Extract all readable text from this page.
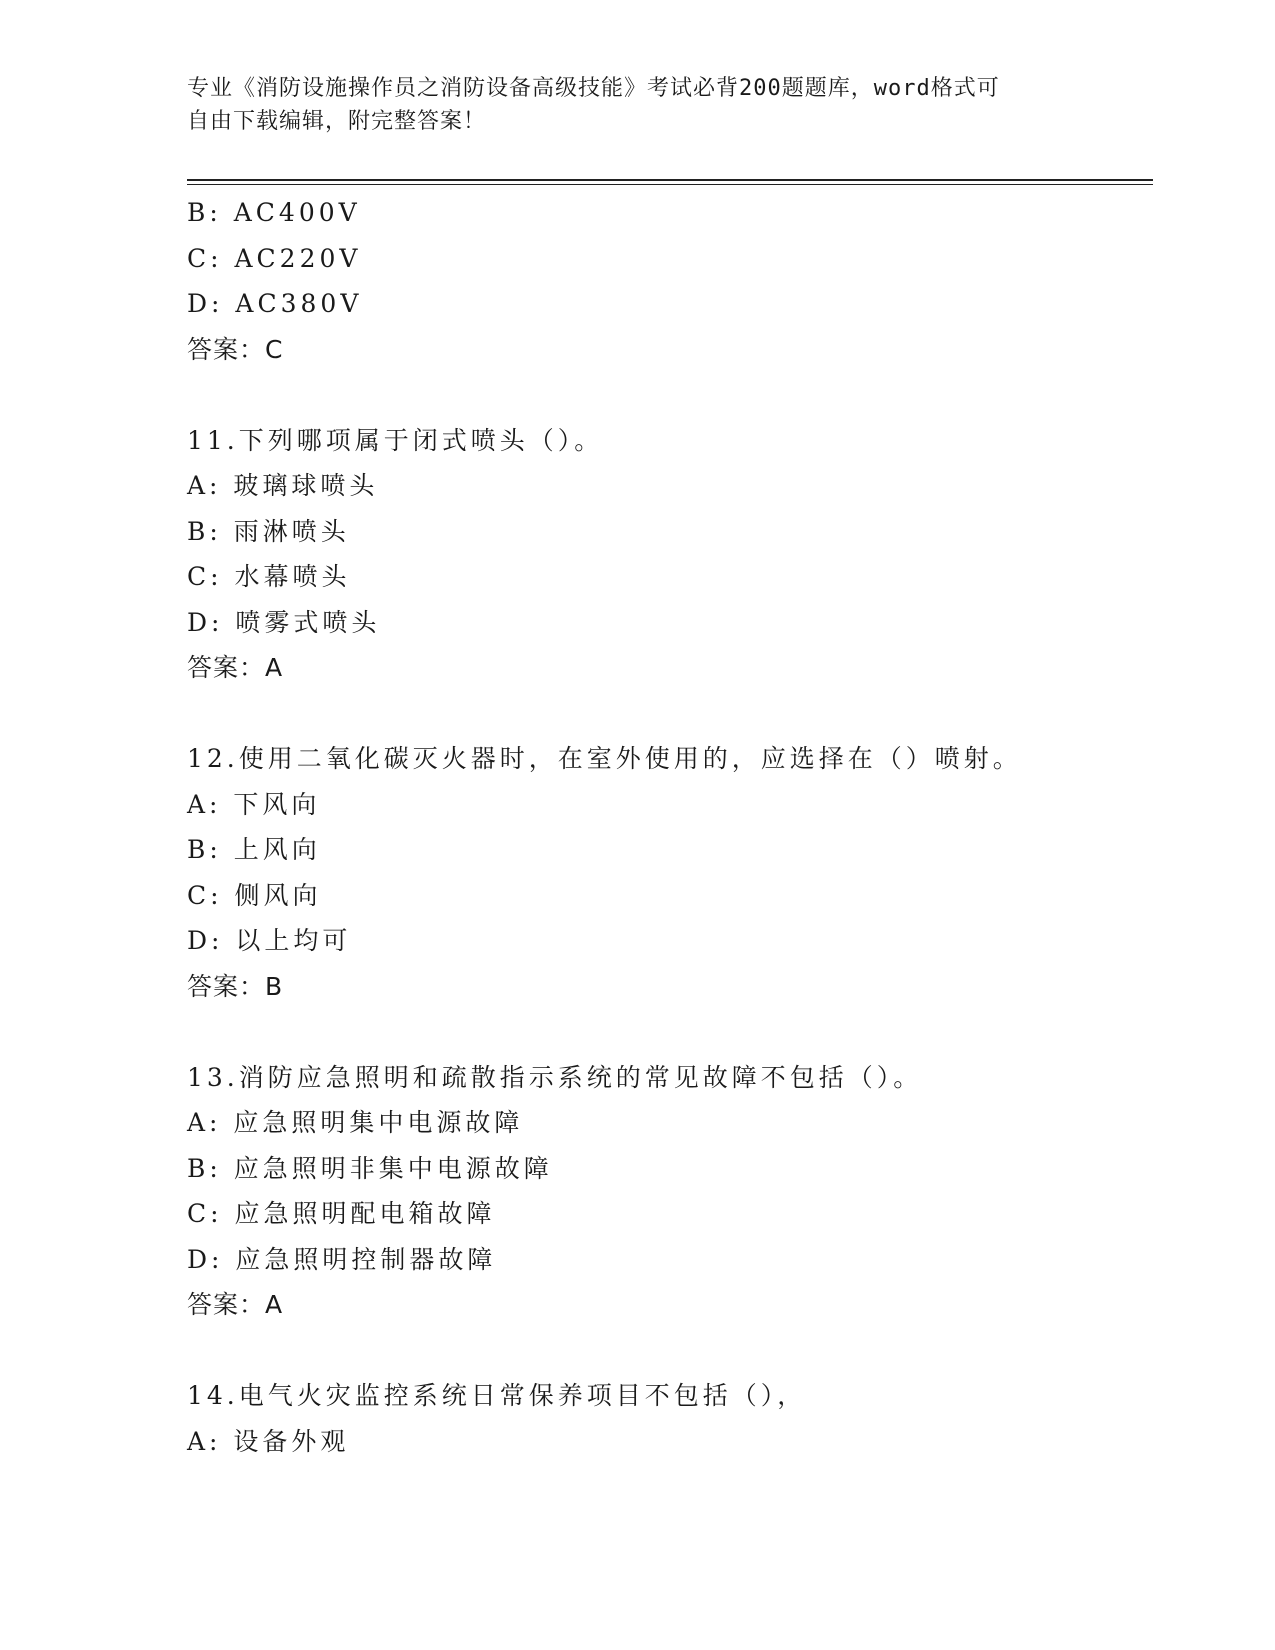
专业《消防设施操作员之消防设备高级技能》考试必背200题题库，word格式可
自由下载编辑，附完整答案！
B: AC400V
C: AC220V
D: AC380V
答案：C
11.下列哪项属于闭式喷头（）。
A: 玻璃球喷头
B: 雨淋喷头
C: 水幕喷头
D: 喷雾式喷头
答案：A
12.使用二氧化碳灭火器时，在室外使用的，应选择在（）喷射。
A: 下风向
B: 上风向
C: 侧风向
D: 以上均可
答案：B
13.消防应急照明和疏散指示系统的常见故障不包括（）。
A: 应急照明集中电源故障
B: 应急照明非集中电源故障
C: 应急照明配电箱故障
D: 应急照明控制器故障
答案：A
14.电气火灾监控系统日常保养项目不包括（），
A: 设备外观
